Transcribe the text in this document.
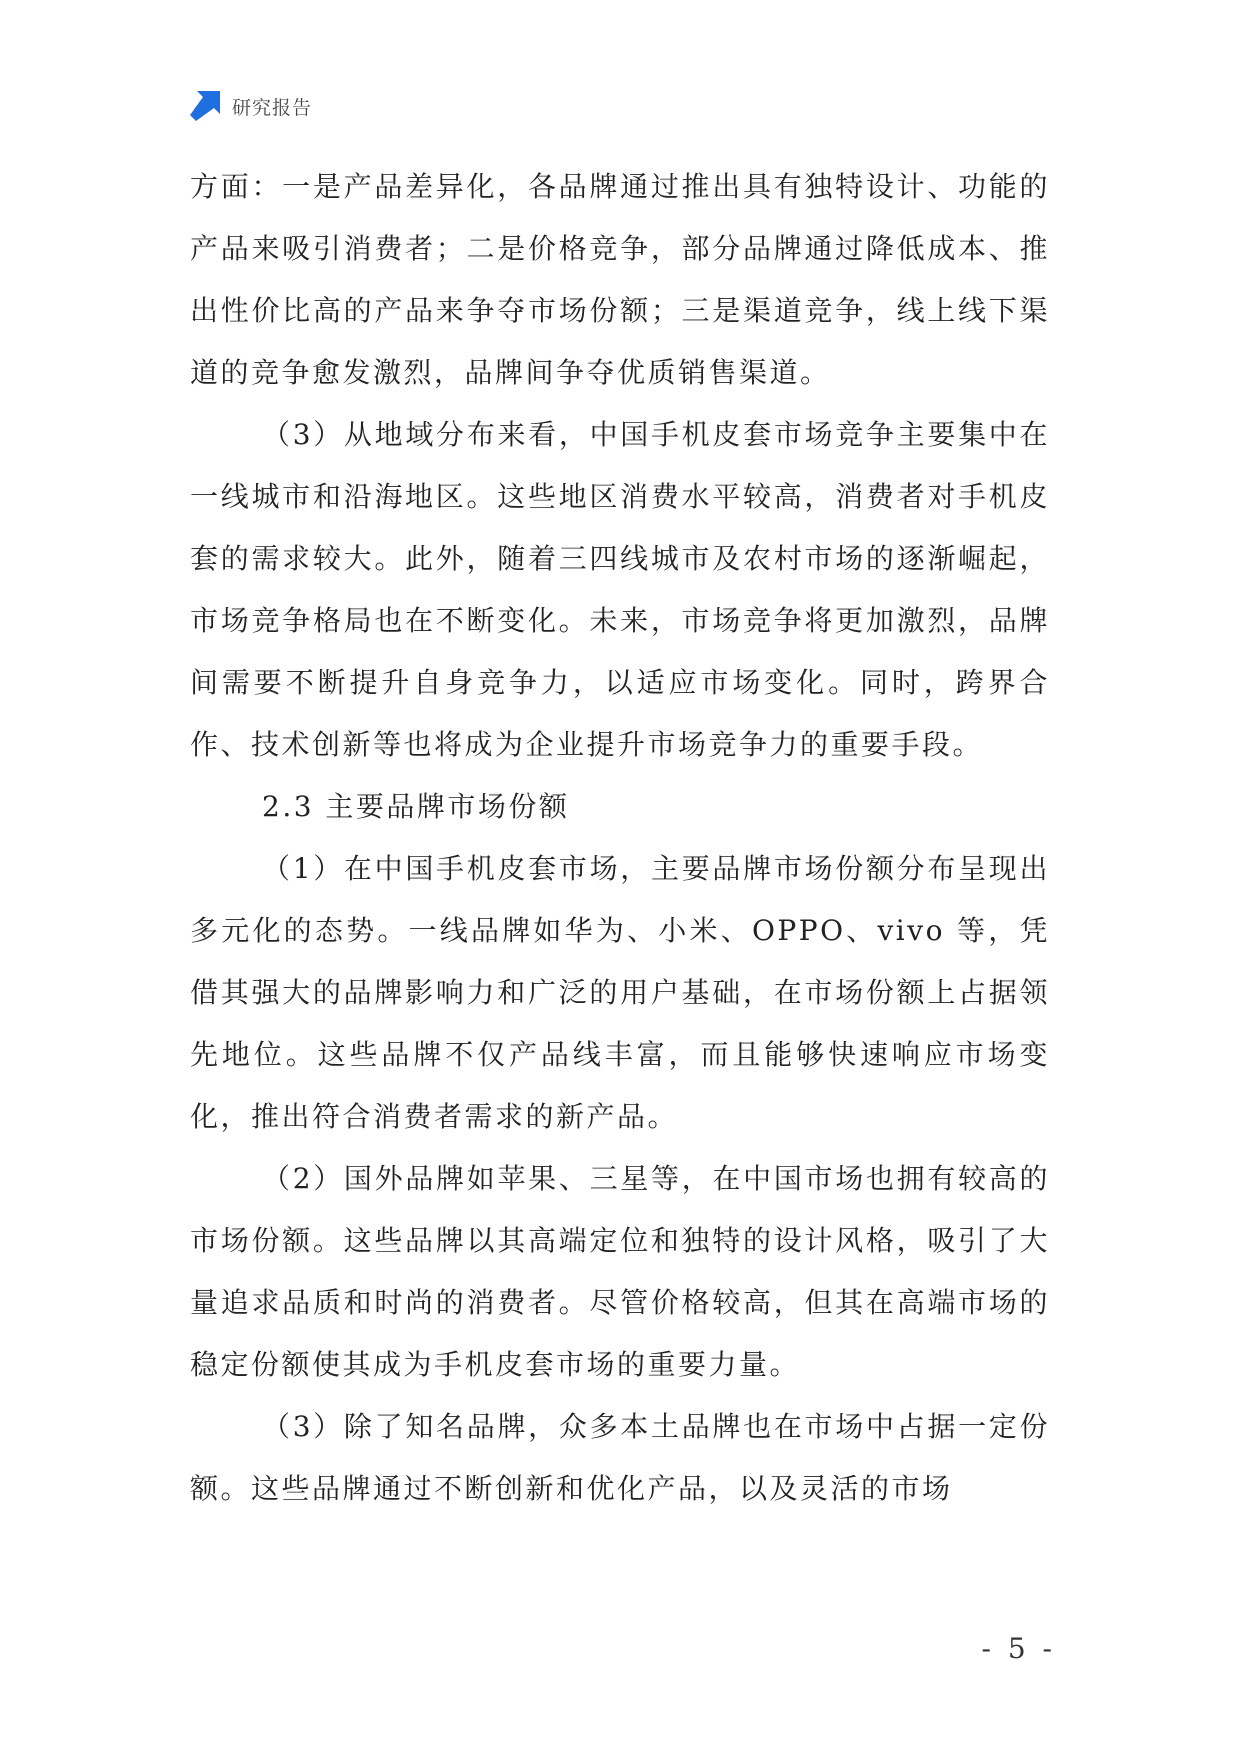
研究报告

方面：一是产品差异化，各品牌通过推出具有独特设计、功能的产品来吸引消费者；二是价格竞争，部分品牌通过降低成本、推出性价比高的产品来争夺市场份额；三是渠道竞争，线上线下渠道的竞争愈发激烈，品牌间争夺优质销售渠道。

（3）从地域分布来看，中国手机皮套市场竞争主要集中在一线城市和沿海地区。这些地区消费水平较高，消费者对手机皮套的需求较大。此外，随着三四线城市及农村市场的逐渐崛起，市场竞争格局也在不断变化。未来，市场竞争将更加激烈，品牌间需要不断提升自身竞争力，以适应市场变化。同时，跨界合作、技术创新等也将成为企业提升市场竞争力的重要手段。

2.3 主要品牌市场份额

（1）在中国手机皮套市场，主要品牌市场份额分布呈现出多元化的态势。一线品牌如华为、小米、OPPO、vivo 等，凭借其强大的品牌影响力和广泛的用户基础，在市场份额上占据领先地位。这些品牌不仅产品线丰富，而且能够快速响应市场变化，推出符合消费者需求的新产品。

（2）国外品牌如苹果、三星等，在中国市场也拥有较高的市场份额。这些品牌以其高端定位和独特的设计风格，吸引了大量追求品质和时尚的消费者。尽管价格较高，但其在高端市场的稳定份额使其成为手机皮套市场的重要力量。

（3）除了知名品牌，众多本土品牌也在市场中占据一定份额。这些品牌通过不断创新和优化产品，以及灵活的市场

- 5 -
